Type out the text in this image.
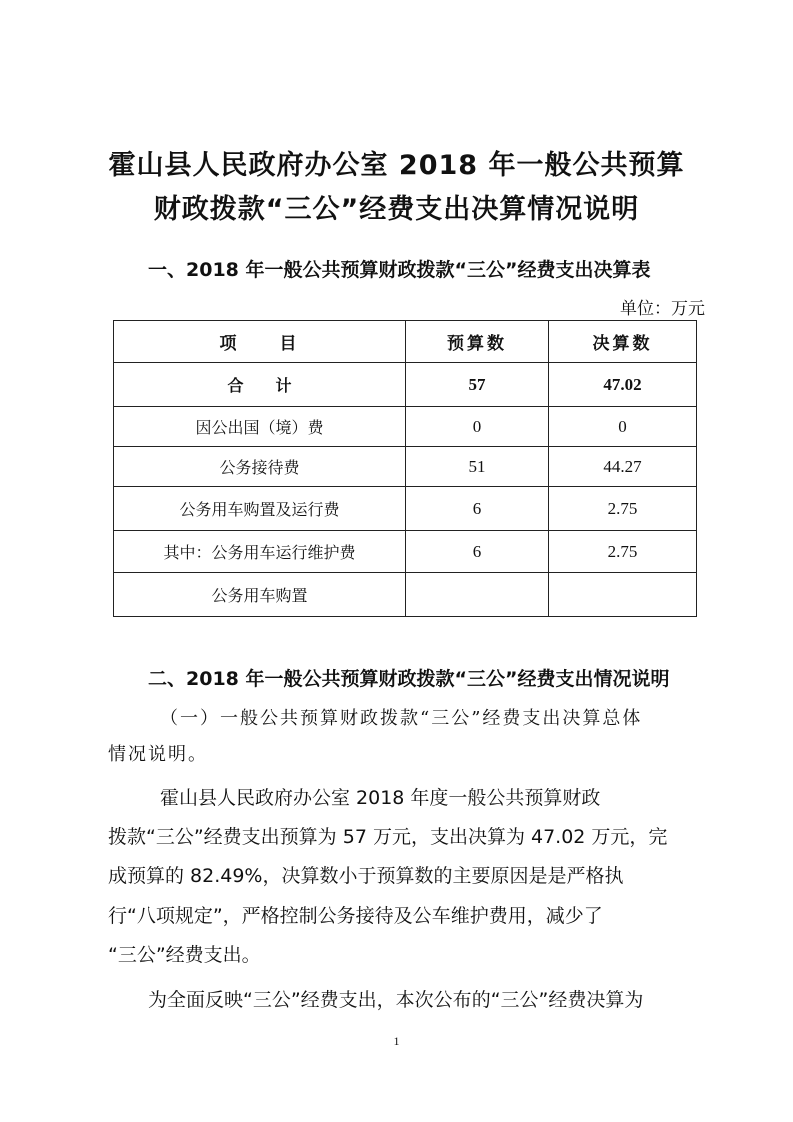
霍山县人民政府办公室 2018 年一般公共预算
财政拨款“三公”经费支出决算情况说明
一、2018 年一般公共预算财政拨款“三公”经费支出决算表
单位：万元
项　　目	预算数	决算数
合　　计	57	47.02
因公出国（境）费	0	0
公务接待费	51	44.27
公务用车购置及运行费	6	2.75
其中：公务用车运行维护费	6	2.75
公务用车购置		
二、2018 年一般公共预算财政拨款“三公”经费支出情况说明
（一）一般公共预算财政拨款“三公”经费支出决算总体
情况说明。
霍山县人民政府办公室 2018 年度一般公共预算财政
拨款“三公”经费支出预算为 57 万元，支出决算为 47.02 万元，完
成预算的 82.49%，决算数小于预算数的主要原因是是严格执
行“八项规定”，严格控制公务接待及公车维护费用，减少了
“三公”经费支出。
为全面反映“三公”经费支出，本次公布的“三公”经费决算为
1
